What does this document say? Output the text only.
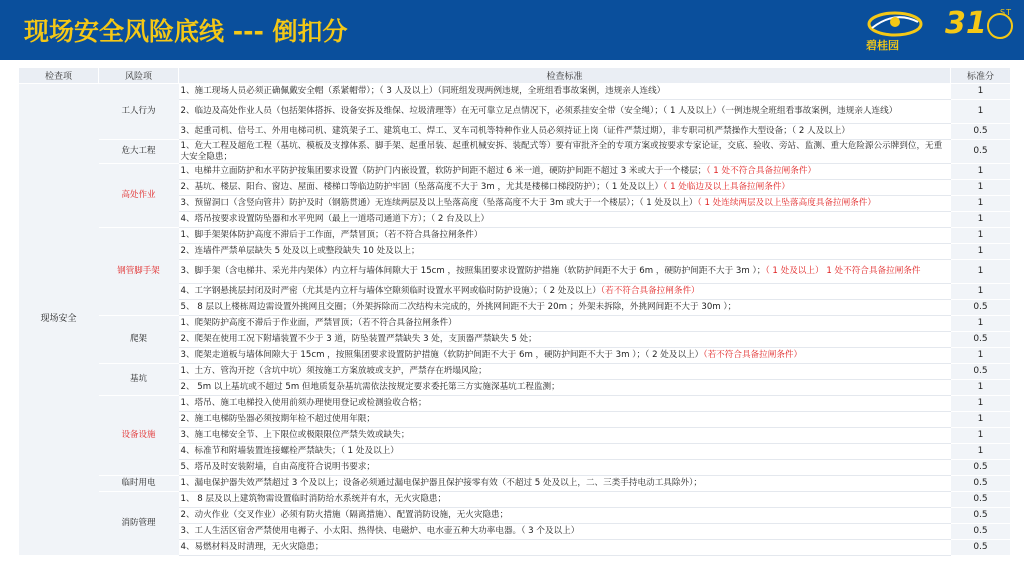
现场安全风险底线 --- 倒扣分	碧桂园
31 ST
检查项	风险项	检查标准	标准分
现场安全	工人行为	1、施工现场人员必须正确佩戴安全帽（系紧帽带）；（ 3 人及以上）（同班组发现两例违规，全班组看事故案例，违规亲人连线）	1
		2、临边及高处作业人员（包括架体搭拆、设备安拆及维保、垃圾清理等）在无可靠立足点情况下，必须系挂安全带（安全绳）；（ 1 人及以上）（一例违规全班组看事故案例，违规亲人连线）	1
		3、起重司机、信号工、外用电梯司机、建筑架子工、建筑电工、焊工、叉车司机等特种作业人员必须持证上岗（证件严禁过期），非专职司机严禁操作大型设备；（ 2 人及以上）	0.5
	危大工程	1、危大工程及超危工程（基坑、模板及支撑体系、脚手架、起重吊装、起重机械安拆、装配式等）要有审批齐全的专项方案或按要求专家论证，交底、验收、旁站、监测、重大危险源公示牌到位，无重大安全隐患；	0.5
	高处作业	1、电梯井立面防护和水平防护按集团要求设置（防护门内嵌设置，软防护间距不超过 6 米一道，硬防护间距不超过 3 米或大于一个楼层；（ 1 处不符合具备拉闸条件）	1
		2、基坑、楼层、阳台、窗边、屋面、楼梯口等临边防护牢固（坠落高度不大于 3m ，尤其是楼梯口梯段防护）；（ 1 处及以上）（ 1 处临边及以上具备拉闸条件）	1
		3、预留洞口（含竖向管井）防护及时（钢筋贯通）无连续两层及以上坠落高度（坠落高度不大于 3m 或大于一个楼层）；（ 1 处及以上）（ 1 处连续两层及以上坠落高度具备拉闸条件）	1
		4、塔吊按要求设置防坠器和水平兜网（最上一道塔司通道下方）；（ 2 台及以上）	1
	钢管脚手架	1、脚手架架体防护高度不滞后于工作面，严禁冒顶；（若不符合具备拉闸条件）	1
		2、连墙件严禁单层缺失 5 处及以上或整段缺失 10 处及以上；	1
		3、脚手架（含电梯井、采光井内架体）内立杆与墙体间隙大于 15cm ，按照集团要求设置防护措施（软防护间距不大于 6m ，硬防护间距不大于 3m ）；（ 1 处及以上） 1 处不符合具备拉闸条件	1
		4、工字钢悬挑层封闭及时严密（尤其是内立杆与墙体空隙须临时设置水平网或临时防护设施）；（ 2 处及以上）（若不符合具备拉闸条件）	1
		5、 8 层以上楼栋周边需设置外挑网且交圈；（外架拆除而二次结构未完成的，外挑网间距不大于 20m ；外架未拆除，外挑网间距不大于 30m ）；	0.5
	爬架	1、爬架防护高度不滞后于作业面，严禁冒顶；（若不符合具备拉闸条件）	1
		2、爬架在使用工况下附墙装置不少于 3 道，防坠装置严禁缺失 3 处，支顶器严禁缺失 5 处；	0.5
		3、爬架走道板与墙体间隙大于 15cm ，按照集团要求设置防护措施（软防护间距不大于 6m ，硬防护间距不大于 3m ）；（ 2 处及以上）（若不符合具备拉闸条件）	1
	基坑	1、土方、管沟开挖（含坑中坑）须按施工方案放坡或支护，严禁存在坍塌风险；	0.5
		2、 5m 以上基坑或不超过 5m 但地质复杂基坑需依法按规定要求委托第三方实施深基坑工程监测；	1
	设备设施	1、塔吊、施工电梯投入使用前须办理使用登记或检测验收合格；	1
		2、施工电梯防坠器必须按期年检不超过使用年限；	1
		3、施工电梯安全节、上下限位或极限限位严禁失效或缺失；	1
		4、标准节和附墙装置连接螺栓严禁缺失；（ 1 处及以上）	1
		5、塔吊及时安装附墙，自由高度符合说明书要求；	0.5
	临时用电	1、漏电保护器失效严禁超过 3 个及以上；设备必须通过漏电保护器且保护接零有效（不超过 5 处及以上，二、三类手持电动工具除外）；	0.5
	消防管理	1、 8 层及以上建筑物需设置临时消防给水系统并有水，无火灾隐患；	0.5
		2、动火作业（交叉作业）必须有防火措施（隔离措施）、配置消防设施，无火灾隐患；	0.5
		3、工人生活区宿舍严禁使用电褥子、小太阳、热得快、电磁炉、电水壶五种大功率电器。（ 3 个及以上）	0.5
		4、易燃材料及时清理，无火灾隐患；	0.5
